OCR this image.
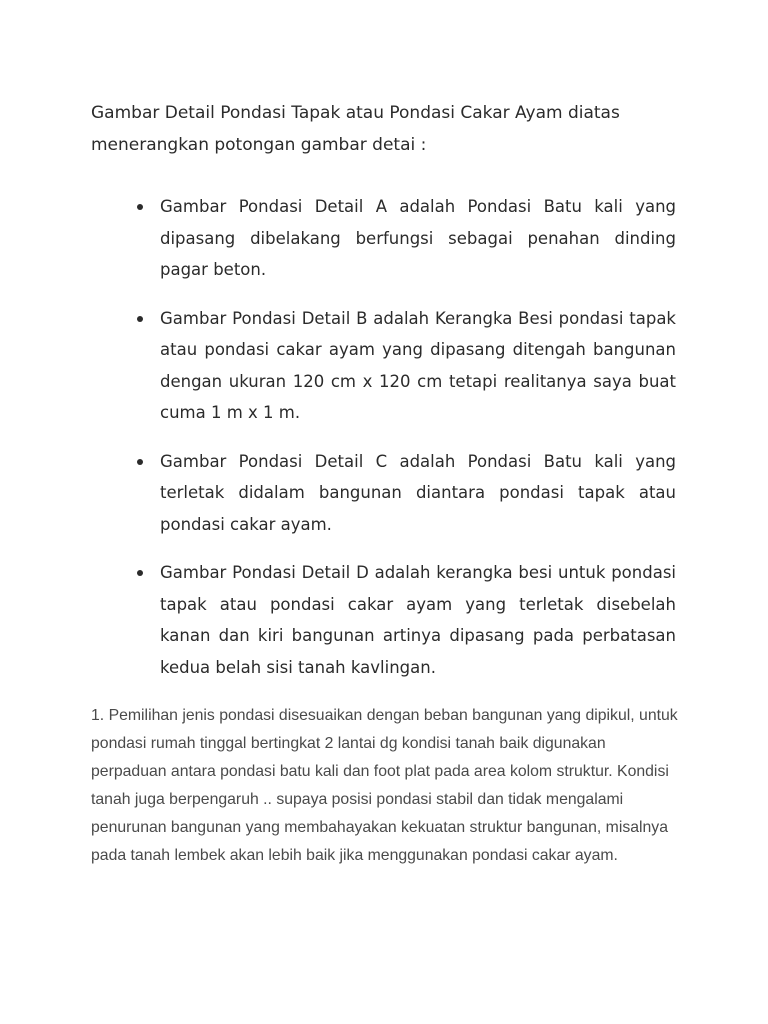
Gambar Detail Pondasi Tapak atau Pondasi Cakar Ayam diatas menerangkan potongan gambar detai :

Gambar Pondasi Detail A adalah Pondasi Batu kali yang dipasang dibelakang berfungsi sebagai penahan dinding pagar beton.
Gambar Pondasi Detail B adalah Kerangka Besi pondasi tapak atau pondasi cakar ayam yang dipasang ditengah bangunan dengan ukuran 120 cm x 120 cm tetapi realitanya saya buat cuma 1 m x 1 m.
Gambar Pondasi Detail C adalah Pondasi Batu kali yang terletak didalam bangunan diantara pondasi tapak atau pondasi cakar ayam.
Gambar Pondasi Detail D adalah kerangka besi untuk pondasi tapak atau pondasi cakar ayam yang terletak disebelah kanan dan kiri bangunan artinya dipasang pada perbatasan kedua belah sisi tanah kavlingan.

1. Pemilihan jenis pondasi disesuaikan dengan beban bangunan yang dipikul, untuk pondasi rumah tinggal bertingkat 2 lantai dg kondisi tanah baik digunakan perpaduan antara pondasi batu kali dan foot plat pada area kolom struktur. Kondisi tanah juga berpengaruh .. supaya posisi pondasi stabil dan tidak mengalami penurunan bangunan yang membahayakan kekuatan struktur bangunan, misalnya pada tanah lembek akan lebih baik jika menggunakan pondasi cakar ayam.
